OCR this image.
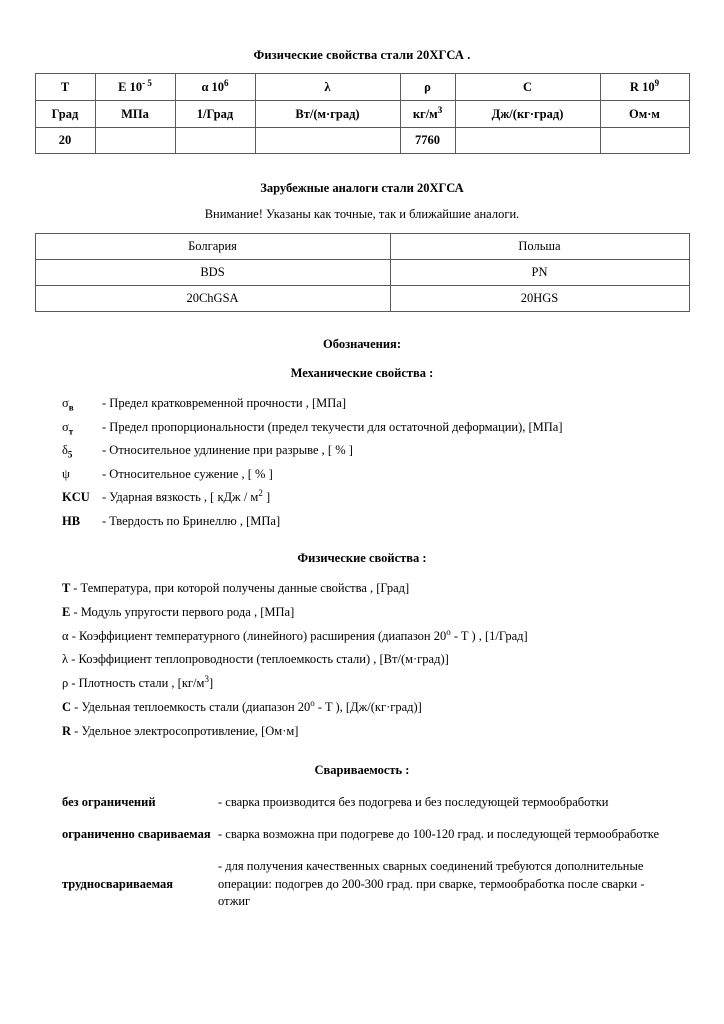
Физические свойства стали 20ХГСА .
T	E $10^{- 5}$	α $10^6$	λ	ρ	C	R $10^9$
Град	МПа	1/Град	Вт/(м·град)	$кг/м^3$	Дж/(кг·град)	Ом·м
20				7760		
Зарубежные аналоги стали 20ХГСА
Внимание! Указаны как точные, так и ближайшие аналоги.
Болгария	Польша
BDS	PN
20ChGSA	20HGS
Обозначения:
Механические свойства :
$\sigma_в$	- Предел кратковременной прочности , [МПа]
$\sigma_т$	- Предел пропорциональности (предел текучести для остаточной деформации), [МПа]
$\delta_5$	- Относительное удлинение при разрыве , [ % ]
ψ	- Относительное сужение , [ % ]
KCU	- Ударная вязкость , [ кДж / $м^2$ ]
HB	- Твердость по Бринеллю , [МПа]
Физические свойства :
T - Температура, при которой получены данные свойства , [Град]
E - Модуль упругости первого рода , [МПа]
α - Коэффициент температурного (линейного) расширения (диапазон 20$^o$ - T ) , [1/Град]
λ - Коэффициент теплопроводности (теплоемкость стали) , [Вт/(м·град)]
ρ - Плотность стали , $[кг/м^3]$
C - Удельная теплоемкость стали (диапазон 20$^o$ - T ), [Дж/(кг·град)]
R - Удельное электросопротивление, [Ом·м]
Свариваемость :
без ограничений	- сварка производится без подогрева и без последующей термообработки
ограниченно свариваемая	- сварка возможна при подогреве до 100-120 град. и последующей термообработке
трудносвариваемая	- для получения качественных сварных соединений требуются дополнительные операции: подогрев до 200-300 град. при сварке, термообработка после сварки - отжиг
